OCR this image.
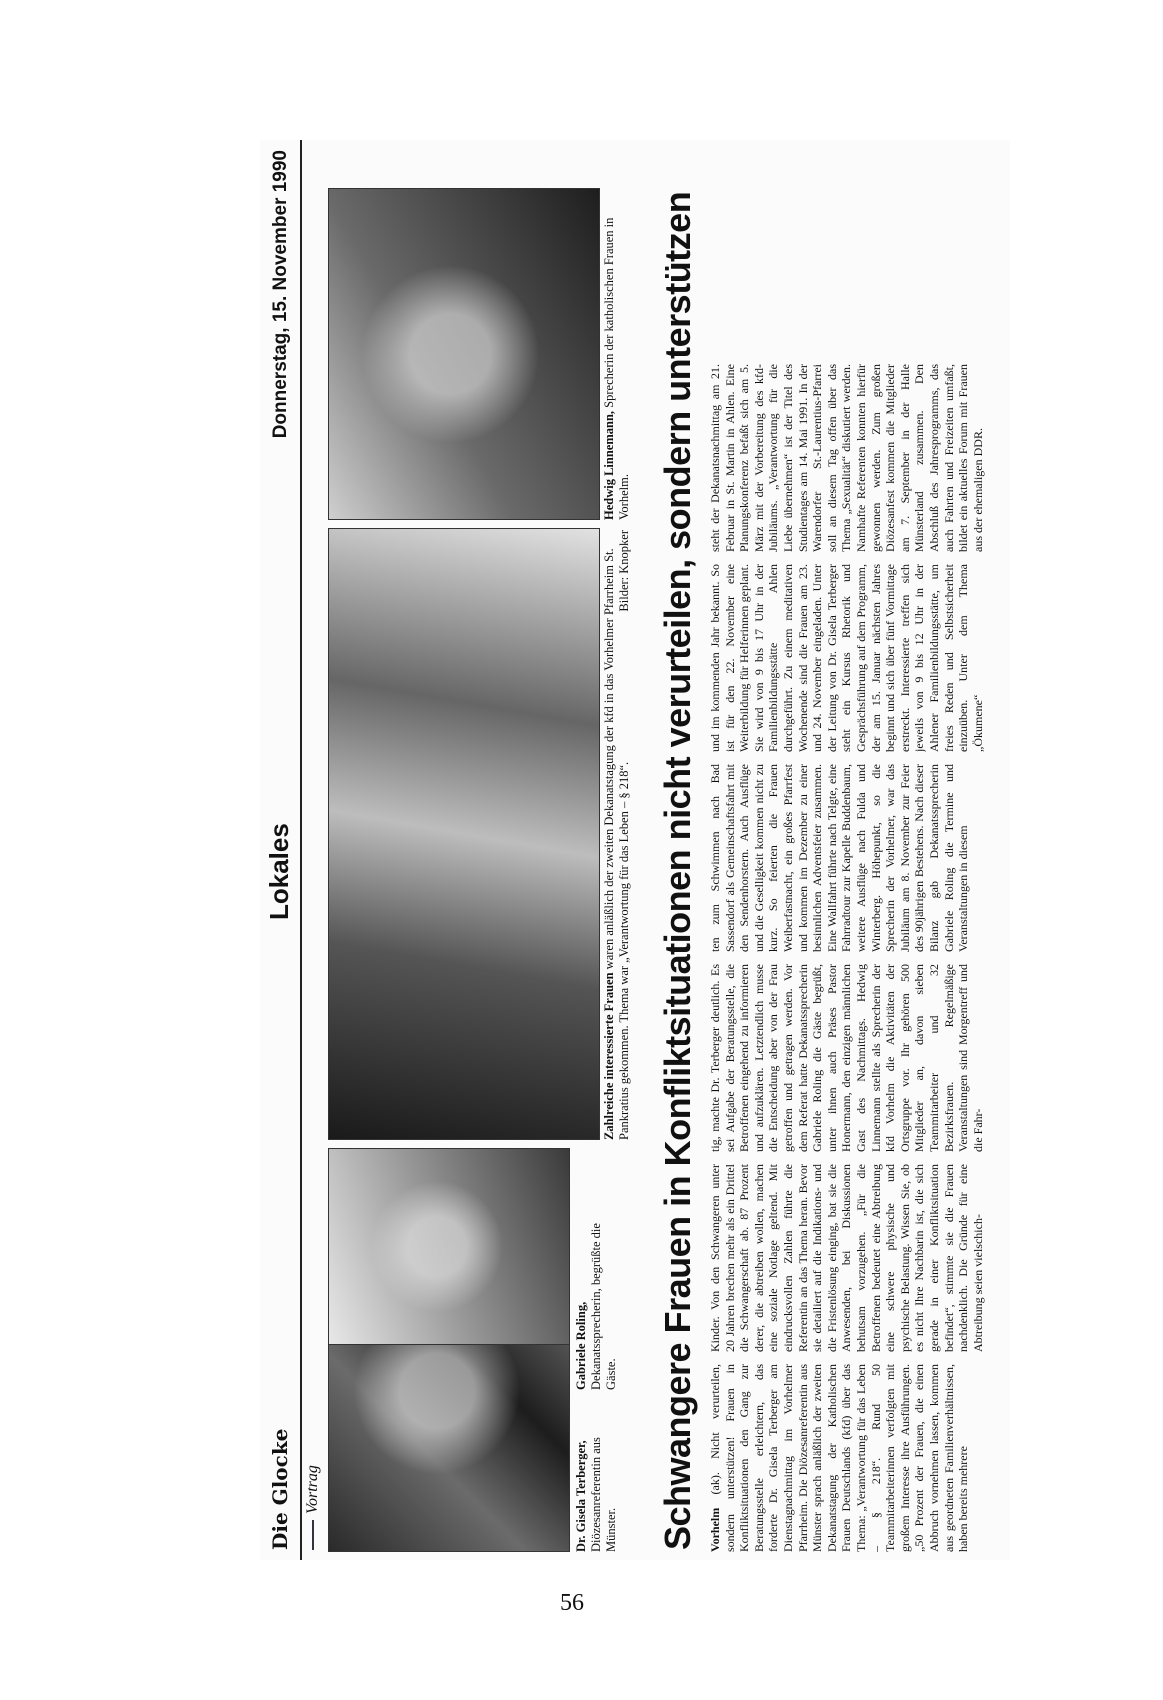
Die Glocke
Lokales
Donnerstag, 15. November 1990
Vortrag	Dr. Gisela Terberger, Diözesanreferentin aus Münster.
Gabriele Roling, Dekanatssprecherin, begrüßte die Gäste.
Zahlreiche interessierte Frauen waren anläßlich der zweiten Dekanatstagung der kfd in das Vorhelmer Pfarrheim St. Pankratius gekommen. Thema war „Verantwortung für das Leben – § 218“.
Bilder: Knopker
Hedwig Linnemann, Sprecherin der katholischen Frauen in Vorhelm. Schwangere Frauen in Konfliktsituationen nicht verurteilen, sondern unterstützen Vorhelm (ak). Nicht verurteilen, sondern unterstützen! Frauen in Konfliktsituationen den Gang zur Beratungsstelle erleichtern, das forderte Dr. Gisela Terberger am Dienstagnachmittag im Vorhelmer Pfarrheim. Die Diözesanreferentin aus Münster sprach anläßlich der zweiten Dekanatstagung der Katholischen Frauen Deutschlands (kfd) über das Thema: „Verantwortung für das Leben – § 218“. Rund 50 Teammitarbeiterinnen verfolgten mit großem Interesse ihre Ausführungen. „50 Prozent der Frauen, die einen Abbruch vornehmen lassen, kommen aus geordneten Familienverhältnissen, haben bereits mehrere
Kinder. Von den Schwangeren unter 20 Jahren brechen mehr als ein Drittel die Schwangerschaft ab. 87 Prozent derer, die abtreiben wollen, machen eine soziale Notlage geltend. Mit eindrucksvollen Zahlen führte die Referentin an das Thema heran. Bevor sie detailiert auf die Indikations- und die Fristenlösung einging, bat sie die Anwesenden, bei Diskussionen behutsam vorzugehen. „Für die Betroffenen bedeutet eine Abtreibung eine schwere physische und psychische Belastung. Wissen Sie, ob es nicht Ihre Nachbarin ist, die sich gerade in einer Konfliktsituation befindet“, stimmte sie die Frauen nachdenklich. Die Gründe für eine Abtreibung seien vielschich-
tig, machte Dr. Terberger deutlich. Es sei Aufgabe der Beratungsstelle, die Betroffenen eingehend zu informieren und aufzuklären. Letztendlich musse die Entscheidung aber von der Frau getroffen und getragen werden. Vor dem Referat hatte Dekanatssprecherin Gabriele Roling die Gäste begrüßt, unter ihnen auch Präses Pastor Honermann, den einzigen männlichen Gast des Nachmittags. Hedwig Linnemann stellte als Sprecherin der kfd Vorhelm die Aktivitäten der Ortsgruppe vor. Ihr gehören 500 Mitglieder an, davon sieben Teammitarbeiter und 32 Bezirksfrauen. Regelmäßige Veranstaltungen sind Morgentreff und die Fahr-
ten zum Schwimmen nach Bad Sassendorf als Gemeinschaftsfahrt mit den Sendenhorstern. Auch Ausflüge und die Geselligkeit kommen nicht zu kurz. So feierten die Frauen Weiberfastnacht, ein großes Pfarrfest und kommen im Dezember zu einer besinnlichen Adventsfeier zusammen. Eine Wallfahrt führte nach Telgte, eine Fahrradtour zur Kapelle Buddenbaum, weitere Ausflüge nach Fulda und Winterberg. Höhepunkt, so die Sprecherin der Vorhelmer, war das Jubiläum am 8. November zur Feier des 90jährigen Bestehens. Nach dieser Bilanz gab Dekanatssprecherin Gabriele Roling die Termine und Veranstaltungen in diesem
und im kommenden Jahr bekannt. So ist für den 22. November eine Weiterbildung für Helferinnen geplant. Sie wird von 9 bis 17 Uhr in der Familienbildungsstätte Ahlen durchgeführt. Zu einem meditativen Wochenende sind die Frauen am 23. und 24. November eingeladen. Unter der Leitung von Dr. Gisela Terberger steht ein Kursus Rhetorik und Gesprächsführung auf dem Programm, der am 15. Januar nächsten Jahres beginnt und sich über fünf Vormittage erstreckt. Interessierte treffen sich jeweils von 9 bis 12 Uhr in der Ahlener Familienbildungsstätte, um freies Reden und Selbstsicherheit einzuüben. Unter dem Thema „Ökumene“
steht der Dekanatsnachmittag am 21. Februar in St. Martin in Ahlen. Eine Planungskonferenz befaßt sich am 5. März mit der Vorbereitung des kfd-Jubiläums. „Verantwortung für die Liebe übernehmen“ ist der Titel des Studientages am 14. Mai 1991. In der Warendorfer St.-Laurentius-Pfarrei soll an diesem Tag offen über das Thema „Sexualität“ diskutiert werden. Namhafte Referenten konnten hierfür gewonnen werden. Zum großen Diözesanfest kommen die Mitglieder am 7. September in der Halle Münsterland zusammen. Den Abschluß des Jahresprogramms, das auch Fahrten und Freizeiten umfaßt, bildet ein aktuelles Forum mit Frauen aus der ehemaligen DDR.
56
